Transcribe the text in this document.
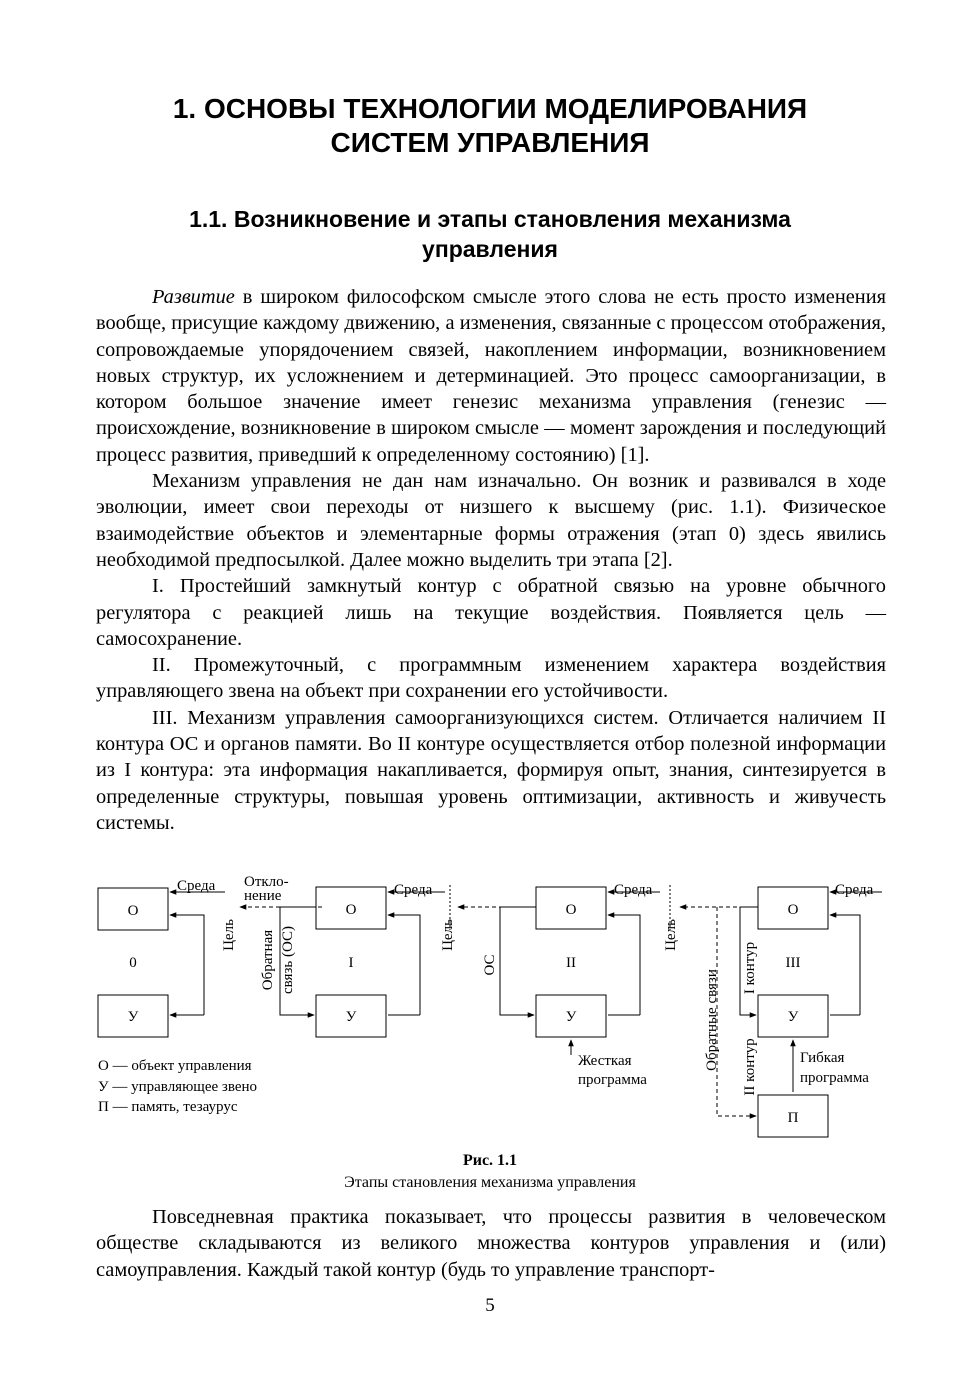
1. ОСНОВЫ ТЕХНОЛОГИИ МОДЕЛИРОВАНИЯ
СИСТЕМ УПРАВЛЕНИЯ
1.1. Возникновение и этапы становления механизма
управления

Развитие в широком философском смысле этого слова не есть просто изменения вообще, присущие каждому движению, а изменения, связанные с процессом отображения, сопровождаемые упорядочением связей, накоплением информации, возникновением новых структур, их усложнением и детерминацией. Это процесс самоорганизации, в котором большое значение имеет генезис механизма управления (генезис — происхождение, возникновение в широком смысле — момент зарождения и последующий процесс развития, приведший к определенному состоянию) [1].

Механизм управления не дан нам изначально. Он возник и развивался в ходе эволюции, имеет свои переходы от низшего к высшему (рис. 1.1). Физическое взаимодействие объектов и элементарные формы отражения (этап 0) здесь явились необходимой предпосылкой. Далее можно выделить три этапа [2].

I. Простейший замкнутый контур с обратной связью на уровне обычного регулятора с реакцией лишь на текущие воздействия. Появляется цель — самосохранение.

II. Промежуточный, с программным изменением характера воздействия управляющего звена на объект при сохранении его устойчивости.

III. Механизм управления самоорганизующихся систем. Отличается наличием II контура ОС и органов памяти. Во II контуре осуществляется отбор полезной информации из I контура: эта информация накапливается, формируя опыт, знания, синтезируется в определенные структуры, повышая уровень оптимизации, активность и живучесть системы.

О
У
0
О
У
I
О
У
II
О
У
П
III
Среда Откло-
нение	Среда	Среда	Среда
Жесткая
программа
Гибкая
программа
О — объект управления
У — управляющее звено
П — память, тезаурус
Цель Обратная связь (ОС)	Цель
ОС
Цель
Обратные связи
I контур
II контур
Рис. 1.1
Этапы становления механизма управления

Повседневная практика показывает, что процессы развития в человеческом обществе складываются из великого множества контуров управления и (или) самоуправления. Каждый такой контур (будь то управление транспорт-

5
